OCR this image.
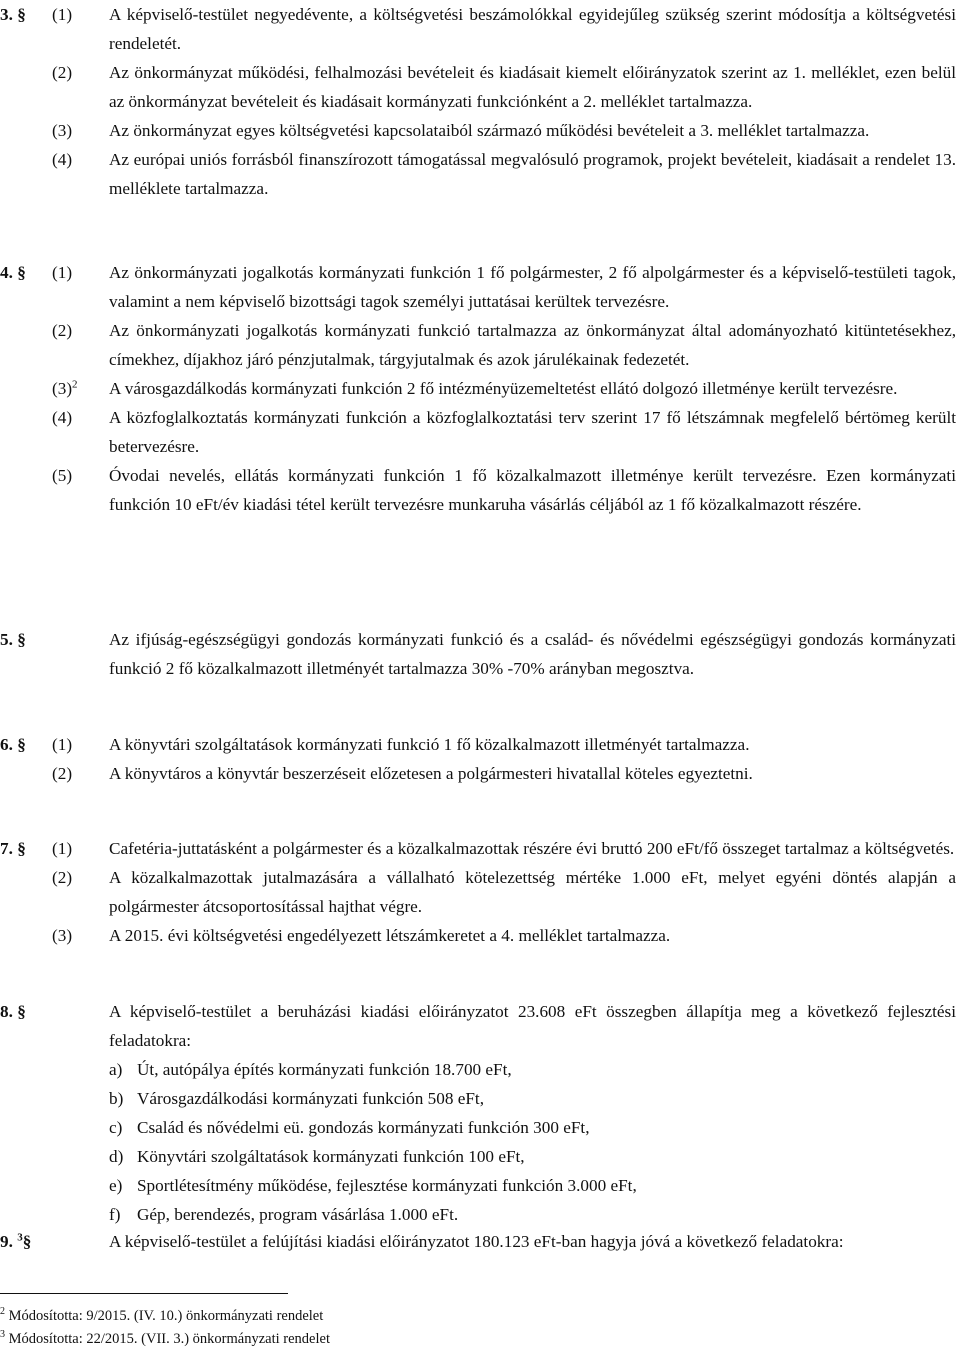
3. § (1) A képviselő-testület negyedévente, a költségvetési beszámolókkal egyidejűleg szükség szerint módosítja a költségvetési rendeletét.
(2) Az önkormányzat működési, felhalmozási bevételeit és kiadásait kiemelt előirányzatok szerint az 1. melléklet, ezen belül az önkormányzat bevételeit és kiadásait kormányzati funkciónként a 2. melléklet tartalmazza.
(3) Az önkormányzat egyes költségvetési kapcsolataiból származó működési bevételeit a 3. melléklet tartalmazza.
(4) Az európai uniós forrásból finanszírozott támogatással megvalósuló programok, projekt bevételeit, kiadásait a rendelet 13. melléklete tartalmazza.
4. § (1) Az önkormányzati jogalkotás kormányzati funkción 1 fő polgármester, 2 fő alpolgármester és a képviselő-testületi tagok, valamint a nem képviselő bizottsági tagok személyi juttatásai kerültek tervezésre.
(2) Az önkormányzati jogalkotás kormányzati funkció tartalmazza az önkormányzat által adományozható kitüntetésekhez, címekhez, díjakhoz járó pénzjutalmak, tárgyjutalmak és azok járulékainak fedezetét.
$(3)^2$ A városgazdálkodás kormányzati funkción 2 fő intézményüzemeltetést ellátó dolgozó illetménye került tervezésre.
(4) A közfoglalkoztatás kormányzati funkción a közfoglalkoztatási terv szerint 17 fő létszámnak megfelelő bértömeg került betervezésre.
(5) Óvodai nevelés, ellátás kormányzati funkción 1 fő közalkalmazott illetménye került tervezésre. Ezen kormányzati funkción 10 eFt/év kiadási tétel került tervezésre munkaruha vásárlás céljából az 1 fő közalkalmazott részére.
5. §	Az ifjúság-egészségügyi gondozás kormányzati funkció és a család- és nővédelmi egészségügyi gondozás kormányzati funkció 2 fő közalkalmazott illetményét tartalmazza 30% -70% arányban megosztva.
6. § (1) A könyvtári szolgáltatások kormányzati funkció 1 fő közalkalmazott illetményét tartalmazza.
(2) A könyvtáros a könyvtár beszerzéseit előzetesen a polgármesteri hivatallal köteles egyeztetni.
7. § (1) Cafetéria-juttatásként a polgármester és a közalkalmazottak részére évi bruttó 200 eFt/fő összeget tartalmaz a költségvetés.
(2) A közalkalmazottak jutalmazására a vállalható kötelezettség mértéke 1.000 eFt, melyet egyéni döntés alapján a polgármester átcsoportosítással hajthat végre.
(3) A 2015. évi költségvetési engedélyezett létszámkeretet a 4. melléklet tartalmazza.
8. §	A képviselő-testület a beruházási kiadási előirányzatot 23.608 eFt összegben állapítja meg a következő fejlesztési feladatokra:
a) Út, autópálya építés kormányzati funkción 18.700 eFt,
b) Városgazdálkodási kormányzati funkción 508 eFt,
c) Család és nővédelmi eü. gondozás kormányzati funkción 300 eFt,
d) Könyvtári szolgáltatások kormányzati funkción 100 eFt,
e) Sportlétesítmény működése, fejlesztése kormányzati funkción 3.000 eFt,
f) Gép, berendezés, program vásárlása 1.000 eFt.
9. $^3$§	A képviselő-testület a felújítási kiadási előirányzatot 180.123 eFt-ban hagyja jóvá a következő feladatokra:
$^2$ Módosította: 9/2015. (IV. 10.) önkormányzati rendelet
$^3$ Módosította: 22/2015. (VII. 3.) önkormányzati rendelet
